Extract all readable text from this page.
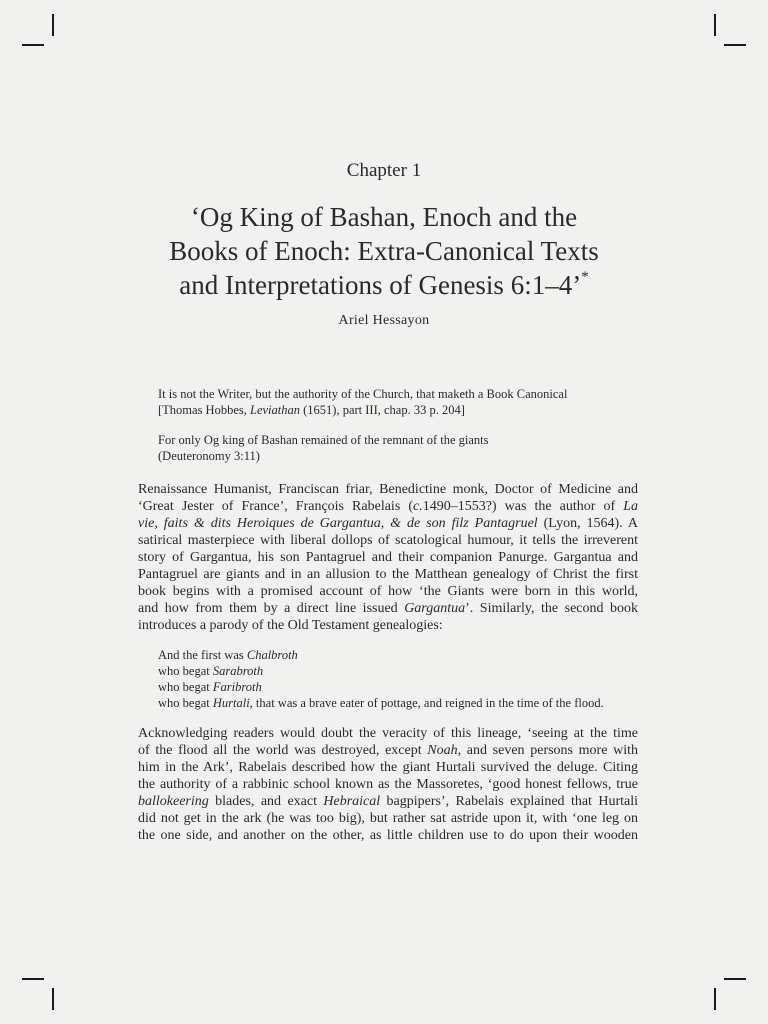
Chapter 1
‘Og King of Bashan, Enoch and the
Books of Enoch: Extra-Canonical Texts
and Interpretations of Genesis 6:1–4’*
Ariel Hessayon
It is not the Writer, but the authority of the Church, that maketh a Book Canonical
[Thomas Hobbes, Leviathan (1651), part III, chap. 33 p. 204]
For only Og king of Bashan remained of the remnant of the giants
(Deuteronomy 3:11)
Renaissance Humanist, Franciscan friar, Benedictine monk, Doctor of Medicine and
‘Great Jester of France’, François Rabelais (c.1490–1553?) was the author of La
vie, faits & dits Heroiques de Gargantua, & de son filz Pantagruel (Lyon, 1564). A
satirical masterpiece with liberal dollops of scatological humour, it tells the irreverent
story of Gargantua, his son Pantagruel and their companion Panurge. Gargantua and
Pantagruel are giants and in an allusion to the Matthean genealogy of Christ the first
book begins with a promised account of how ‘the Giants were born in this world,
and how from them by a direct line issued Gargantua’. Similarly, the second book
introduces a parody of the Old Testament genealogies:
And the first was Chalbroth
who begat Sarabroth
who begat Faribroth
who begat Hurtali, that was a brave eater of pottage, and reigned in the time of the flood.
Acknowledging readers would doubt the veracity of this lineage, ‘seeing at the time
of the flood all the world was destroyed, except Noah, and seven persons more with
him in the Ark’, Rabelais described how the giant Hurtali survived the deluge. Citing
the authority of a rabbinic school known as the Massoretes, ‘good honest fellows, true
ballokeering blades, and exact Hebraical bagpipers’, Rabelais explained that Hurtali
did not get in the ark (he was too big), but rather sat astride upon it, with ‘one leg on
the one side, and another on the other, as little children use to do upon their wooden
